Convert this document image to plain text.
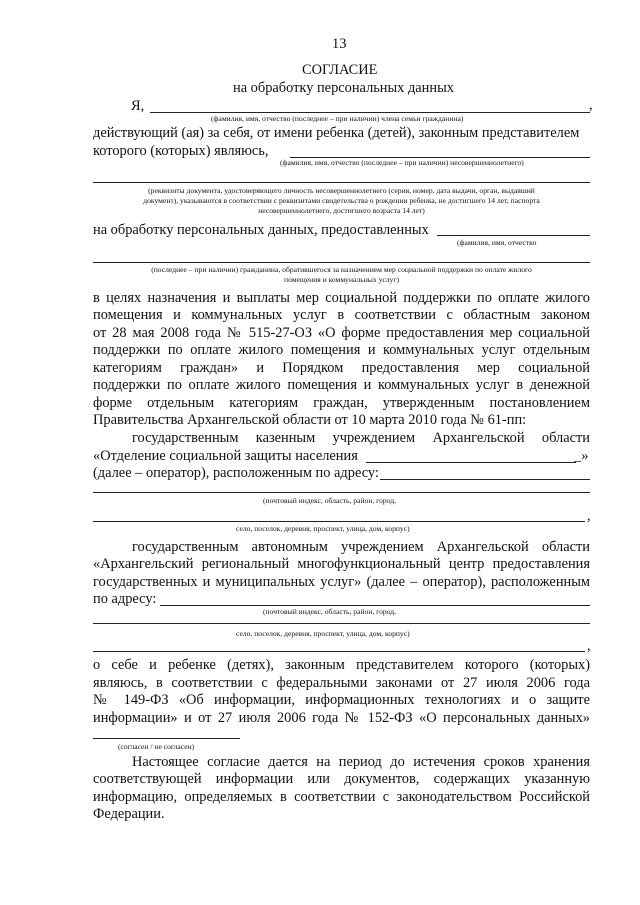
13
СОГЛАСИЕ
на обработку персональных данных
Я,	,
(фамилия, имя, отчество (последнее – при наличии) члена семьи гражданина)
действующий (ая) за себя, от имени ребенка (детей), законным представителем
которого (которых) являюсь,
(фамилия, имя, отчество (последнее – при наличии) несовершеннолетнего)
(реквизиты документа, удостоверяющего личность несовершеннолетнего (серия, номер, дата выдачи, орган, выдавший
документ), указываются в соответствии с реквизитами свидетельства о рождении ребенка, не достигшего 14 лет, паспорта
несовершеннолетнего, достигшего возраста 14 лет)
на обработку персональных данных, предоставленных
(фамилия, имя, отчество
(последнее – при наличии) гражданина, обратившегося за назначением мер социальной поддержки по оплате жилого
помещения и коммунальных услуг)
в целях назначения и выплаты мер социальной поддержки по оплате жилого
помещения и коммунальных услуг в соответствии с областным законом
от 28 мая 2008 года № 515-27-ОЗ «О форме предоставления мер социальной
поддержки по оплате жилого помещения и коммунальных услуг отдельным
категориям граждан» и Порядком предоставления мер социальной
поддержки по оплате жилого помещения и коммунальных услуг в денежной
форме отдельным категориям граждан, утвержденным постановлением
Правительства Архангельской области от 10 марта 2010 года № 61-пп:
государственным казенным учреждением Архангельской области
«Отделение социальной защиты населения	_»
(далее – оператор), расположенным по адресу:
(почтовый индекс, область, район, город,
,
село, поселок, деревня, проспект, улица, дом, корпус)
государственным автономным учреждением Архангельской области
«Архангельский региональный многофункциональный центр предоставления
государственных и муниципальных услуг» (далее – оператор), расположенным
по адресу:
(почтовый индекс, область, район, город,
село, поселок, деревня, проспект, улица, дом, корпус)
,
о себе и ребенке (детях), законным представителем которого (которых)
являюсь, в соответствии с федеральными законами от 27 июля 2006 года
№ 149-ФЗ «Об информации, информационных технологиях и о защите
информации» и от 27 июля 2006 года № 152-ФЗ «О персональных данных»
(согласен / не согласен)
Настоящее согласие дается на период до истечения сроков хранения
соответствующей информации или документов, содержащих указанную
информацию, определяемых в соответствии с законодательством Российской
Федерации.
